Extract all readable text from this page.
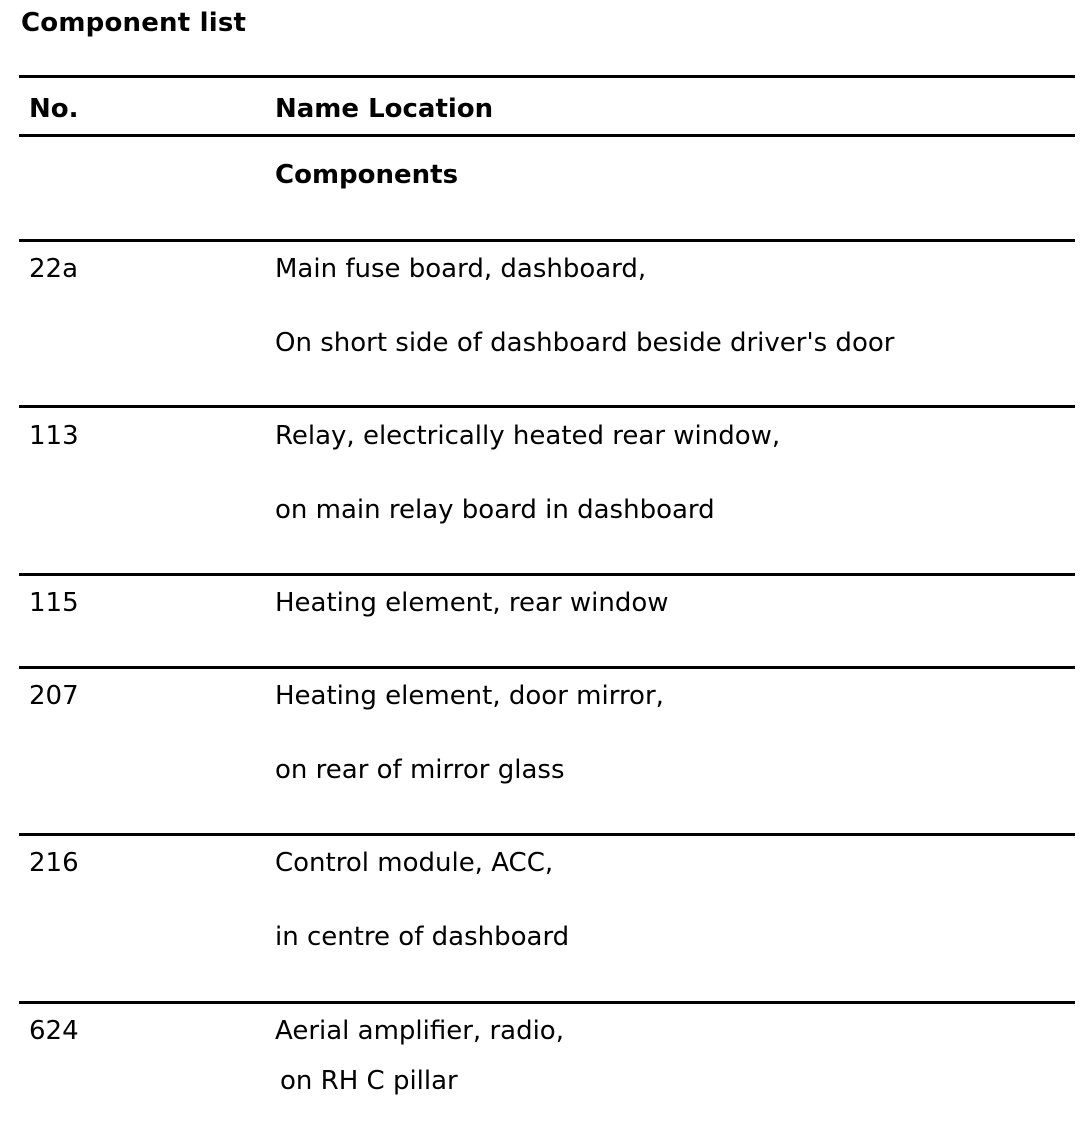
Component list
No.	Name Location
Components
22a	Main fuse board, dashboard,
On short side of dashboard beside driver's door
113	Relay, electrically heated rear window,
on main relay board in dashboard
115	Heating element, rear window
207	Heating element, door mirror,
on rear of mirror glass
216	Control module, ACC,
in centre of dashboard
624	Aerial amplifier, radio,
on RH C pillar
